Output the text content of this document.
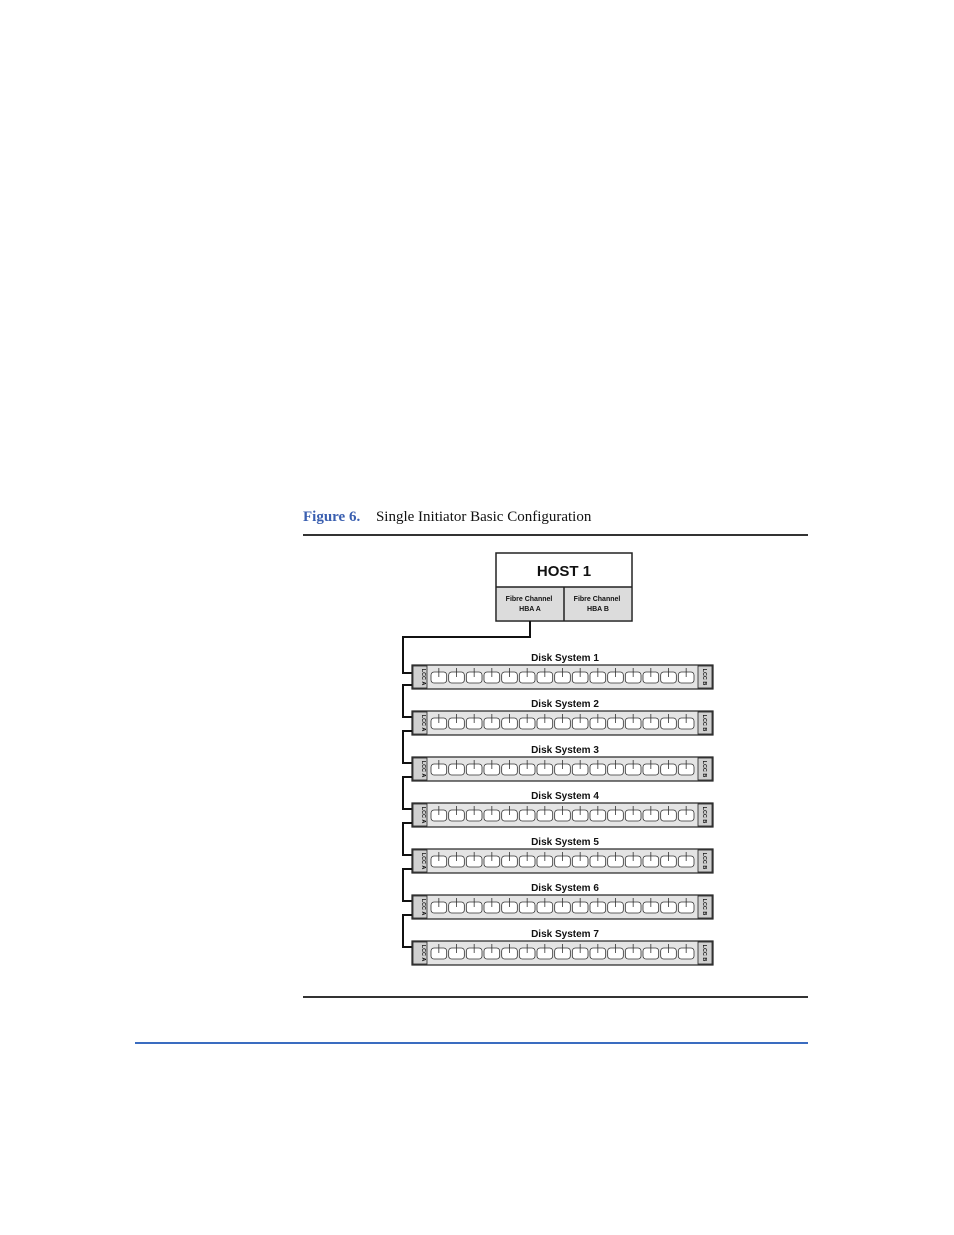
Figure 6. Single Initiator Basic Configuration
HOST 1
Fibre Channel HBA A
Fibre Channel HBA B
Disk System 1
LCC A	LCC B
Disk System 2
LCC A	LCC B
Disk System 3
LCC A	LCC B
Disk System 4
LCC A	LCC B
Disk System 5
LCC A	LCC B
Disk System 6
LCC A	LCC B
Disk System 7
LCC A	LCC B
